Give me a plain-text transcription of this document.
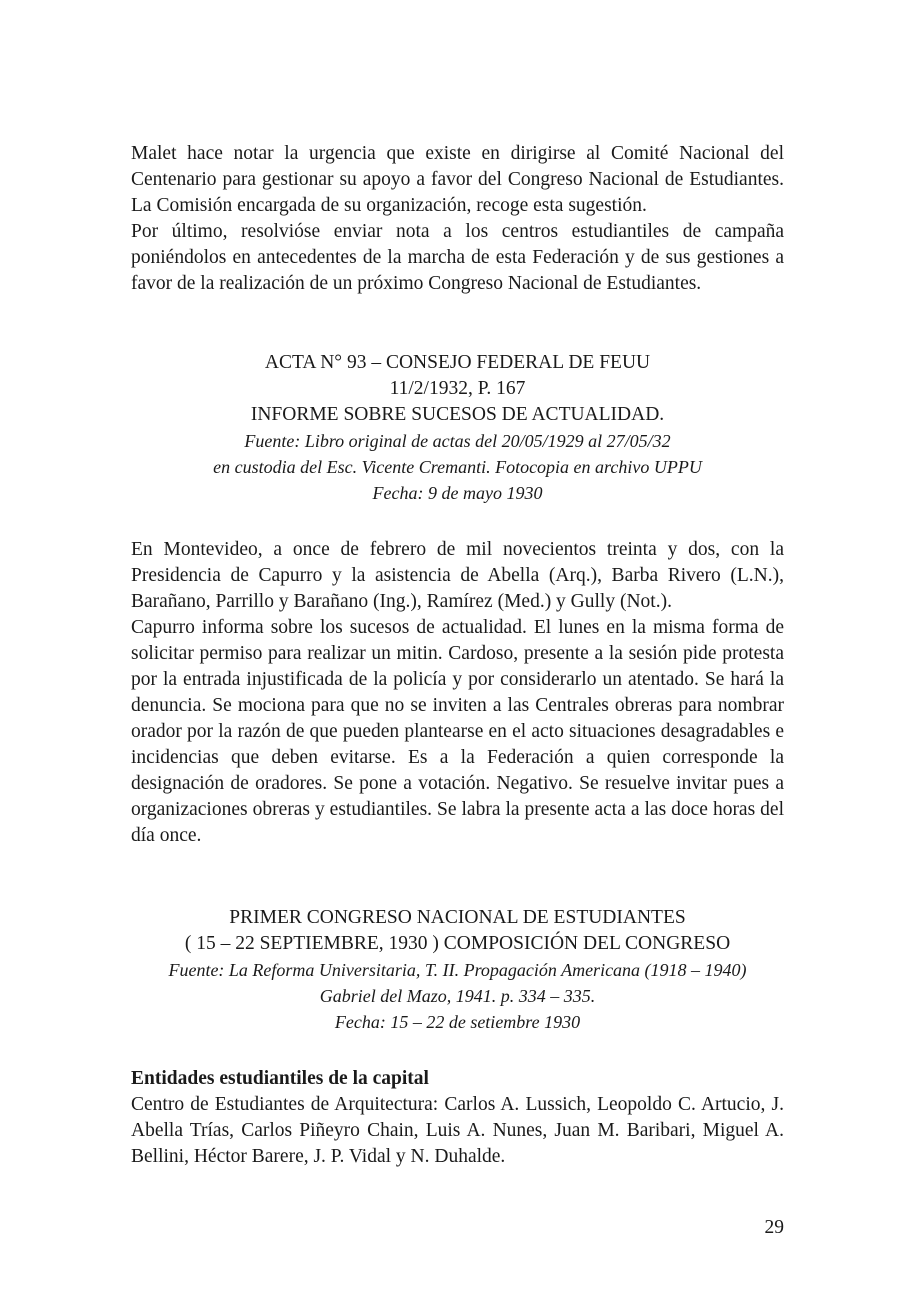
Malet hace notar la urgencia que existe en dirigirse al Comité Nacional del Centenario para gestionar su apoyo a favor del Congreso Nacional de Estudiantes. La Comisión encargada de su organización, recoge esta sugestión.

Por último, resolvióse enviar nota a los centros estudiantiles de campaña poniéndolos en antecedentes de la marcha de esta Federación y de sus gestiones a favor de la realización de un próximo Congreso Nacional de Estudiantes.

ACTA N° 93 – CONSEJO FEDERAL DE FEUU

11/2/1932, P. 167

INFORME SOBRE SUCESOS DE ACTUALIDAD.

Fuente: Libro original de actas del 20/05/1929 al 27/05/32

en custodia del Esc. Vicente Cremanti. Fotocopia en archivo UPPU

Fecha: 9 de mayo 1930

En Montevideo, a once de febrero de mil novecientos treinta y dos, con la Presidencia de Capurro y la asistencia de Abella (Arq.), Barba Rivero (L.N.), Barañano, Parrillo y Barañano (Ing.), Ramírez (Med.) y Gully (Not.).

Capurro informa sobre los sucesos de actualidad. El lunes en la misma forma de solicitar permiso para realizar un mitin. Cardoso, presente a la sesión pide protesta por la entrada injustificada de la policía y por considerarlo un atentado. Se hará la denuncia. Se mociona para que no se inviten a las Centrales obreras para nombrar orador por la razón de que pueden plantearse en el acto situaciones desagradables e incidencias que deben evitarse. Es a la Federación a quien corresponde la designación de oradores. Se pone a votación. Negativo. Se resuelve invitar pues a organizaciones obreras y estudiantiles. Se labra la presente acta a las doce horas del día once.

PRIMER CONGRESO NACIONAL DE ESTUDIANTES

( 15 – 22 SEPTIEMBRE, 1930 ) COMPOSICIÓN DEL CONGRESO

Fuente: La Reforma Universitaria, T. II. Propagación Americana (1918 – 1940)

Gabriel del Mazo, 1941. p. 334 – 335.

Fecha: 15 – 22 de setiembre 1930

Entidades estudiantiles de la capital

Centro de Estudiantes de Arquitectura: Carlos A. Lussich, Leopoldo C. Artucio, J. Abella Trías, Carlos Piñeyro Chain, Luis A. Nunes, Juan M. Baribari, Miguel A. Bellini, Héctor Barere, J. P. Vidal y N. Duhalde.

29
